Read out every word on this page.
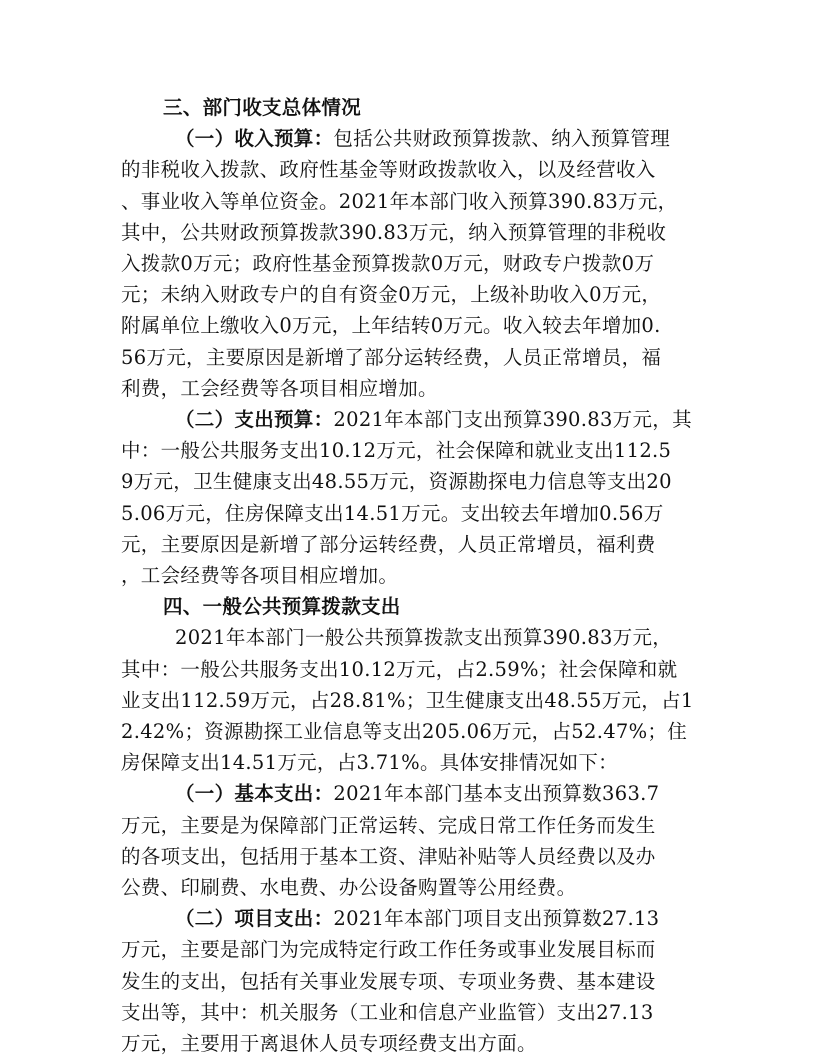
三、部门收支总体情况
（一）收入预算：包括公共财政预算拨款、纳入预算管理
的非税收入拨款、政府性基金等财政拨款收入，以及经营收入
、事业收入等单位资金。2021年本部门收入预算390.83万元，
其中，公共财政预算拨款390.83万元，纳入预算管理的非税收
入拨款0万元；政府性基金预算拨款0万元，财政专户拨款0万
元；未纳入财政专户的自有资金0万元，上级补助收入0万元，
附属单位上缴收入0万元，上年结转0万元。收入较去年增加0.
56万元，主要原因是新增了部分运转经费，人员正常增员，福
利费，工会经费等各项目相应增加。
（二）支出预算：2021年本部门支出预算390.83万元，其
中：一般公共服务支出10.12万元，社会保障和就业支出112.5
9万元，卫生健康支出48.55万元，资源勘探电力信息等支出20
5.06万元，住房保障支出14.51万元。支出较去年增加0.56万
元，主要原因是新增了部分运转经费，人员正常增员，福利费
，工会经费等各项目相应增加。
四、一般公共预算拨款支出
2021年本部门一般公共预算拨款支出预算390.83万元，
其中：一般公共服务支出10.12万元，占2.59%；社会保障和就
业支出112.59万元，占28.81%；卫生健康支出48.55万元，占1
2.42%；资源勘探工业信息等支出205.06万元，占52.47%；住
房保障支出14.51万元，占3.71%。具体安排情况如下：
（一）基本支出：2021年本部门基本支出预算数363.7
万元，主要是为保障部门正常运转、完成日常工作任务而发生
的各项支出，包括用于基本工资、津贴补贴等人员经费以及办
公费、印刷费、水电费、办公设备购置等公用经费。
（二）项目支出：2021年本部门项目支出预算数27.13
万元，主要是部门为完成特定行政工作任务或事业发展目标而
发生的支出，包括有关事业发展专项、专项业务费、基本建设
支出等，其中：机关服务（工业和信息产业监管）支出27.13
万元，主要用于离退休人员专项经费支出方面。
